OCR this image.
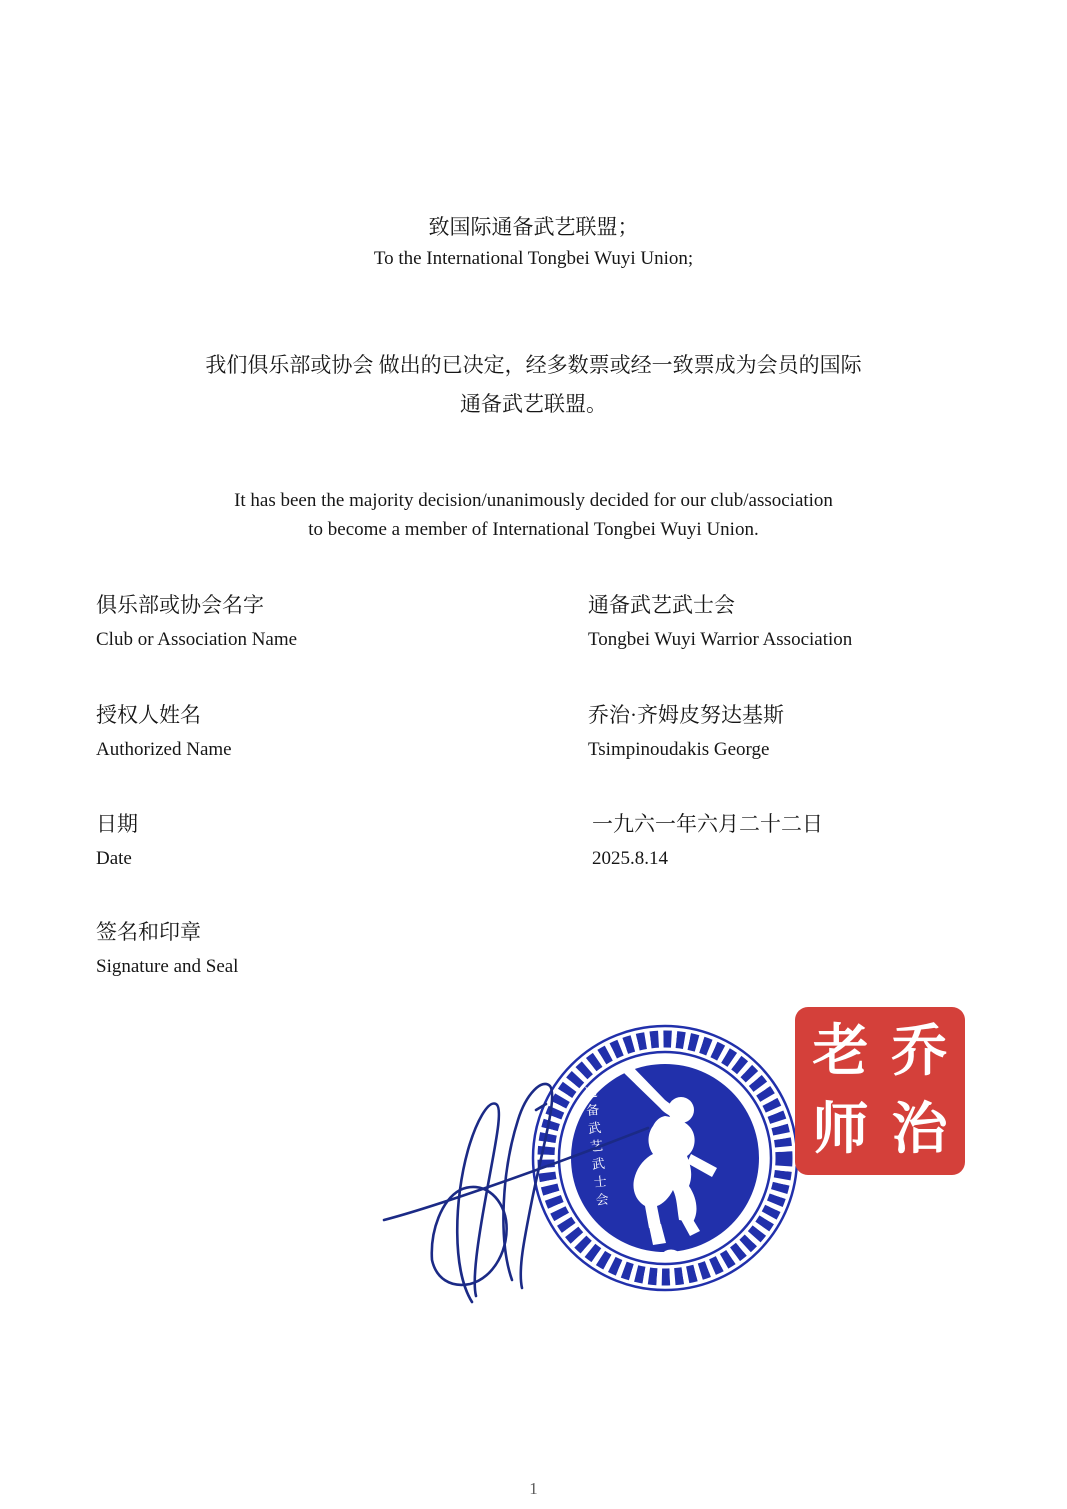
致国际通备武艺联盟；
To the International Tongbei Wuyi Union;
我们俱乐部或协会 做出的已决定，经多数票或经一致票成为会员的国际
通备武艺联盟。
It has been the majority decision/unanimously decided for our club/association
to become a member of International Tongbei Wuyi Union.
俱乐部或协会名字
Club or Association Name
通备武艺武士会
Tongbei Wuyi Warrior Association
授权人姓名
Authorized Name
乔治·齐姆皮努达基斯
Tsimpinoudakis George
日期
Date
一九六一年六月二十二日
2025.8.14
签名和印章
Signature and Seal
通备武艺武士会
老 乔
师 治
1
